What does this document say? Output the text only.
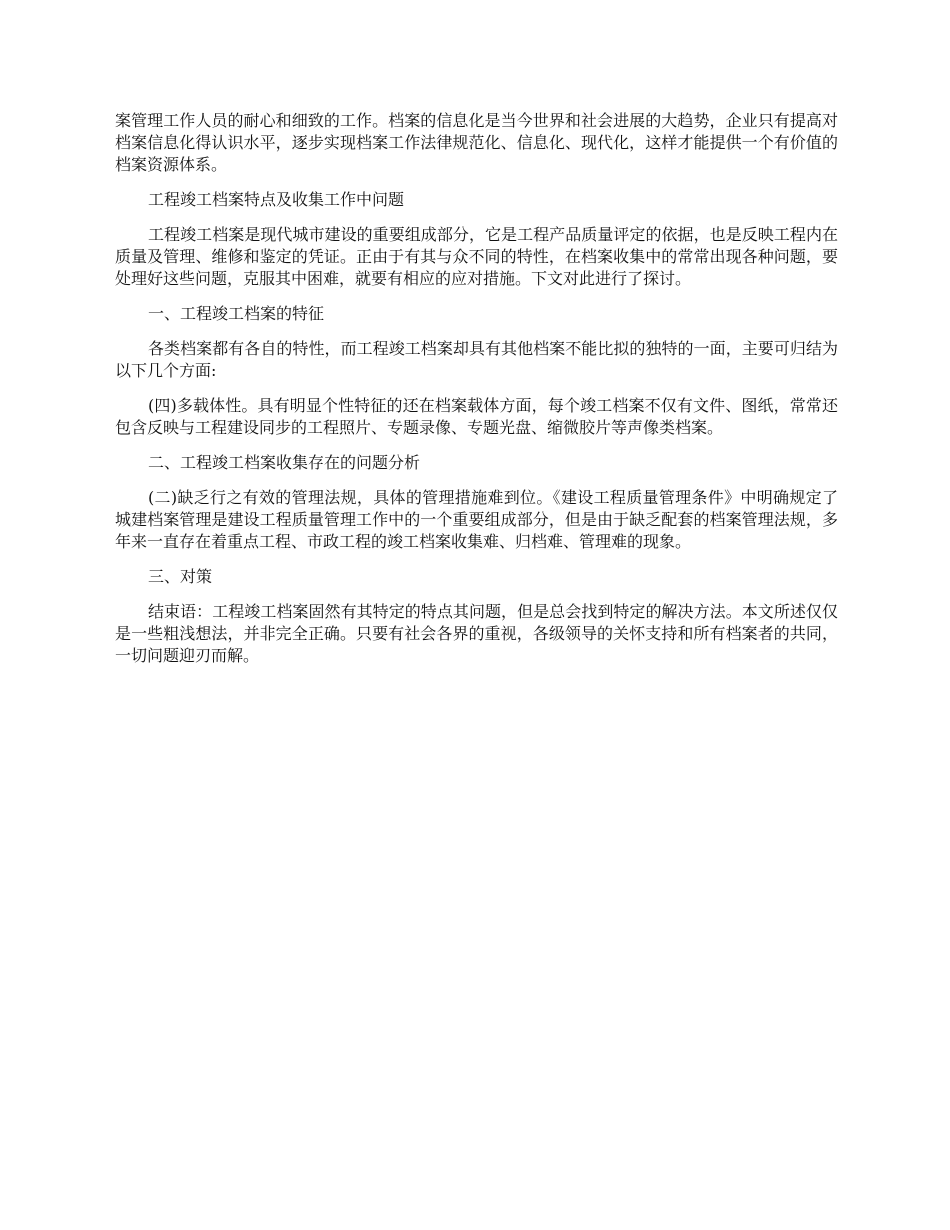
案管理工作人员的耐心和细致的工作。档案的信息化是当今世界和社会进展的大趋势，企业只有提高对档案信息化得认识水平，逐步实现档案工作法律规范化、信息化、现代化，这样才能提供一个有价值的档案资源体系。

工程竣工档案特点及收集工作中问题

工程竣工档案是现代城市建设的重要组成部分，它是工程产品质量评定的依据，也是反映工程内在质量及管理、维修和鉴定的凭证。正由于有其与众不同的特性，在档案收集中的常常出现各种问题，要处理好这些问题，克服其中困难，就要有相应的应对措施。下文对此进行了探讨。

一、工程竣工档案的特征

各类档案都有各自的特性，而工程竣工档案却具有其他档案不能比拟的独特的一面，主要可归结为以下几个方面:

(四)多载体性。具有明显个性特征的还在档案载体方面，每个竣工档案不仅有文件、图纸，常常还包含反映与工程建设同步的工程照片、专题录像、专题光盘、缩微胶片等声像类档案。

二、工程竣工档案收集存在的问题分析

(二)缺乏行之有效的管理法规，具体的管理措施难到位。《建设工程质量管理条件》中明确规定了城建档案管理是建设工程质量管理工作中的一个重要组成部分，但是由于缺乏配套的档案管理法规，多年来一直存在着重点工程、市政工程的竣工档案收集难、归档难、管理难的现象。

三、对策

结束语：工程竣工档案固然有其特定的特点其问题，但是总会找到特定的解决方法。本文所述仅仅是一些粗浅想法，并非完全正确。只要有社会各界的重视，各级领导的关怀支持和所有档案者的共同，一切问题迎刃而解。
